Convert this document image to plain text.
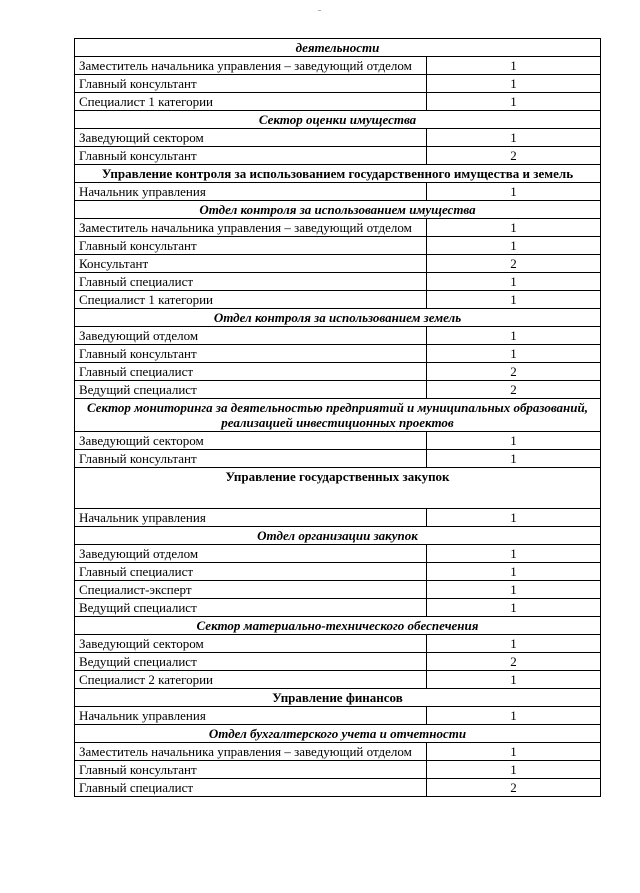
деятельности	
Заместитель начальника управления – заведующий отделом	1
Главный консультант	1
Специалист 1 категории	1
Сектор оценки имущества	
Заведующий сектором	1
Главный консультант	2
Управление контроля за использованием государственного имущества и земель	
Начальник управления	1
Отдел контроля за использованием имущества	
Заместитель начальника управления – заведующий отделом	1
Главный консультант	1
Консультант	2
Главный специалист	1
Специалист 1 категории	1
Отдел контроля за использованием земель	
Заведующий отделом	1
Главный консультант	1
Главный специалист	2
Ведущий специалист	2
Сектор мониторинга за деятельностью предприятий и муниципальных образований, реализацией инвестиционных проектов	
Заведующий сектором	1
Главный консультант	1
Управление государственных закупок	
Начальник управления	1
Отдел организации закупок	
Заведующий отделом	1
Главный специалист	1
Специалист-эксперт	1
Ведущий специалист	1
Сектор материально-технического обеспечения	
Заведующий сектором	1
Ведущий специалист	2
Специалист 2 категории	1
Управление финансов	
Начальник управления	1
Отдел бухгалтерского учета и отчетности	
Заместитель начальника управления – заведующий отделом	1
Главный консультант	1
Главный специалист	2
